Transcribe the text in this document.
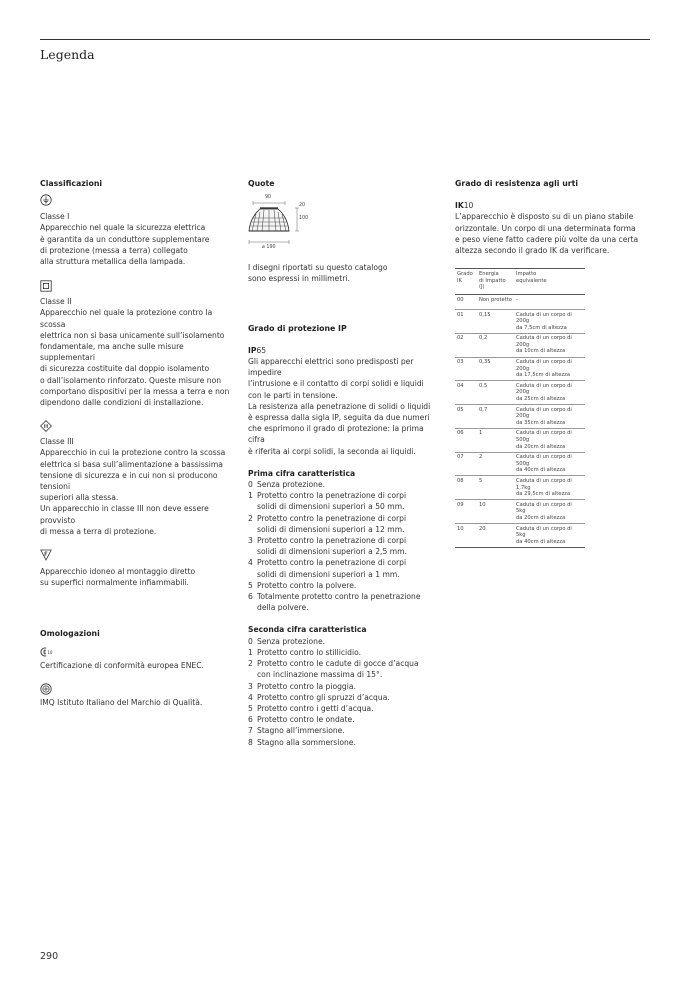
Legenda
Classificazioni
Classe I
Apparecchio nel quale la sicurezza elettrica
è garantita da un conduttore supplementare
di protezione (messa a terra) collegato
alla struttura metallica della lampada.
Classe II
Apparecchio nel quale la protezione contro la scossa
elettrica non si basa unicamente sull’isolamento
fondamentale, ma anche sulle misure supplementari
di sicurezza costituite dal doppio isolamento
o dall’isolamento rinforzato. Queste misure non
comportano dispositivi per la messa a terra e non
dipendono dalle condizioni di installazione.
Classe III
Apparecchio in cui la protezione contro la scossa
elettrica si basa sull’alimentazione a bassissima
tensione di sicurezza e in cui non si producono tensioni
superiori alla stessa.
Un apparecchio in classe III non deve essere provvisto
di messa a terra di protezione.
Apparecchio idoneo al montaggio diretto
su superfici normalmente infiammabili.
Omologazioni
10
Certificazione di conformità europea ENEC.
IMQ Istituto Italiano del Marchio di Qualità.
Quote
90
20
100
⌀ 190
I disegni riportati su questo catalogo
sono espressi in millimetri.
Grado di protezione IP
IP65
Gli apparecchi elettrici sono predisposti per impedire
l’intrusione e il contatto di corpi solidi e liquidi
con le parti in tensione.
La resistenza alla penetrazione di solidi o liquidi
è espressa dalla sigla IP, seguita da due numeri
che esprimono il grado di protezione: la prima cifra
è riferita ai corpi solidi, la seconda ai liquidi.
Prima cifra caratteristica
0 Senza protezione.
1 Protetto contro la penetrazione di corpi
solidi di dimensioni superiori a 50 mm.
2 Protetto contro la penetrazione di corpi
solidi di dimensioni superiori a 12 mm.
3 Protetto contro la penetrazione di corpi
solidi di dimensioni superiori a 2,5 mm.
4 Protetto contro la penetrazione di corpi
solidi di dimensioni superiori a 1 mm.
5 Protetto contro la polvere.
6 Totalmente protetto contro la penetrazione
della polvere.
Seconda cifra caratteristica
0 Senza protezione.
1 Protetto contro lo stillicidio.
2 Protetto contro le cadute di gocce d’acqua
con inclinazione massima di 15°.
3 Protetto contro la pioggia.
4 Protetto contro gli spruzzi d’acqua.
5 Protetto contro i getti d’acqua.
6 Protetto contro le ondate.
7 Stagno all’immersione.
8 Stagno alla sommersione.
Grado di resistenza agli urti
IK10
L’apparecchio è disposto su di un piano stabile
orizzontale. Un corpo di una determinata forma
e peso viene fatto cadere più volte da una certa
altezza secondo il grado IK da verificare.
Grado
IK	Energia
di Impatto (J)	Impatto
equivalente
00	Non protetto	-
01	0,15	Caduta di un corpo di 200g
da 7,5cm di altezza
02	0,2	Caduta di un corpo di 200g
da 10cm di altezza
03	0,35	Caduta di un corpo di 200g
da 17,5cm di altezza
04	0,5	Caduta di un corpo di 200g
da 25cm di altezza
05	0,7	Caduta di un corpo di 200g
da 35cm di altezza
06	1	Caduta di un corpo di 500g
da 20cm di altezza
07	2	Caduta di un corpo di 500g
da 40cm di altezza
08	5	Caduta di un corpo di 1,7kg
da 29,5cm di altezza
09	10	Caduta di un corpo di 5kg
da 20cm di altezza
10	20	Caduta di un corpo di 5kg
da 40cm di altezza
290
